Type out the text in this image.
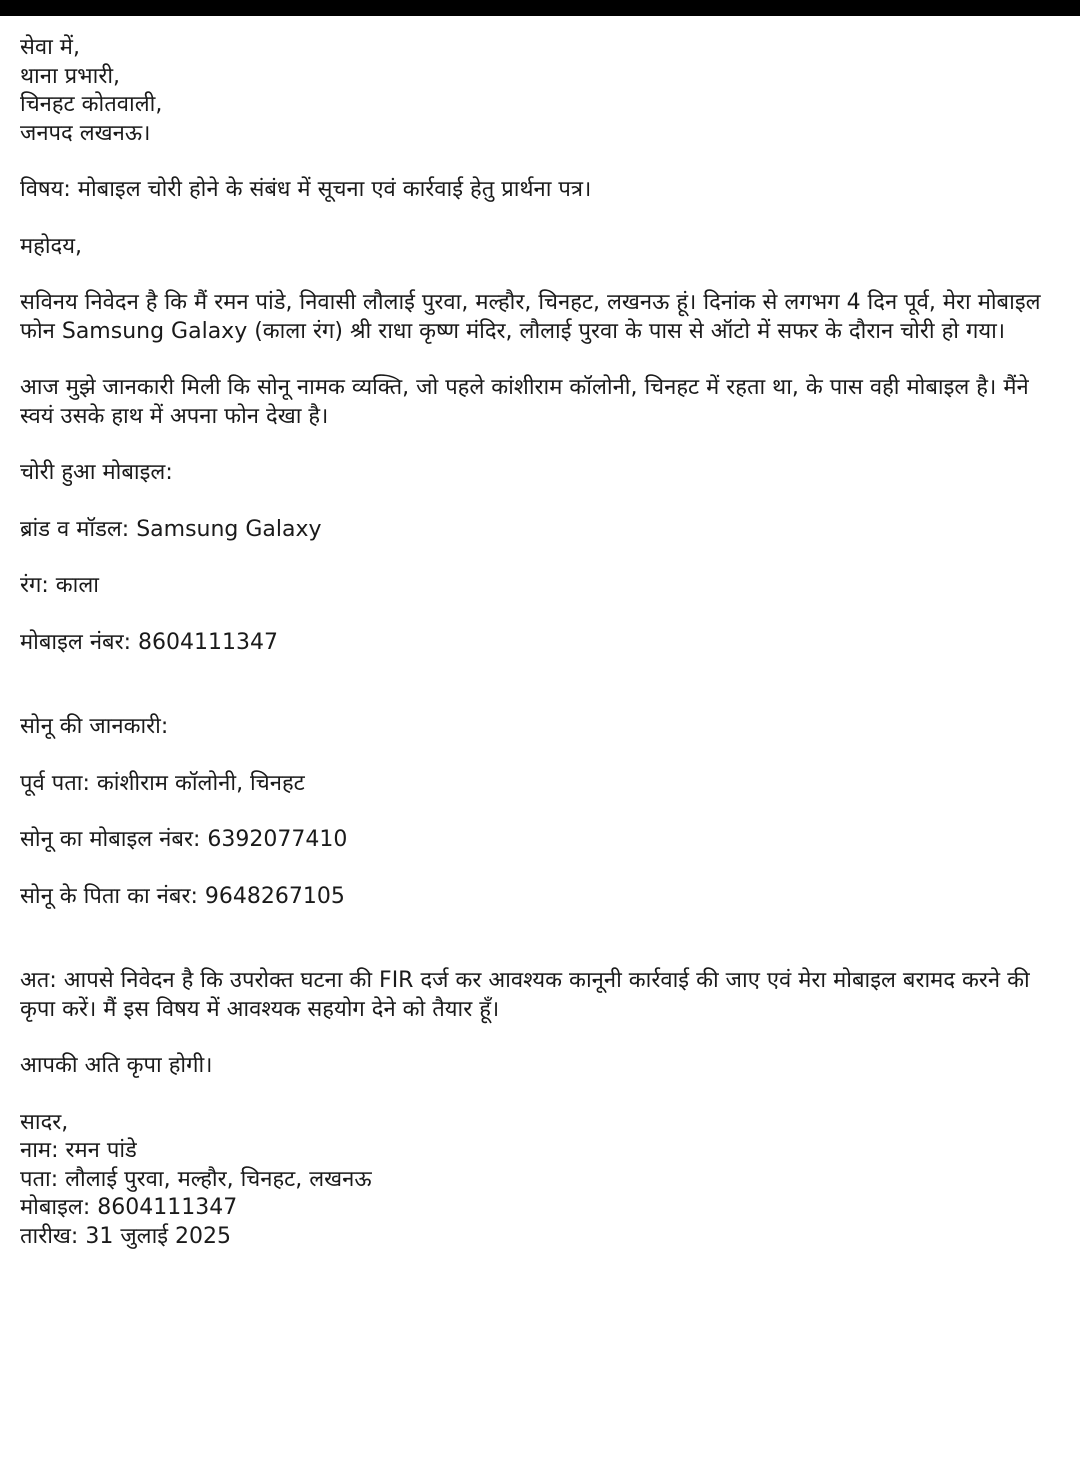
सेवा में,

थाना प्रभारी,

चिनहट कोतवाली,

जनपद लखनऊ।

विषय: मोबाइल चोरी होने के संबंध में सूचना एवं कार्रवाई हेतु प्रार्थना पत्र।

महोदय,

सविनय निवेदन है कि मैं रमन पांडे, निवासी लौलाई पुरवा, मल्हौर, चिनहट, लखनऊ हूं। दिनांक से लगभग 4 दिन पूर्व, मेरा मोबाइल फोन Samsung Galaxy (काला रंग) श्री राधा कृष्ण मंदिर, लौलाई पुरवा के पास से ऑटो में सफर के दौरान चोरी हो गया।

आज मुझे जानकारी मिली कि सोनू नामक व्यक्ति, जो पहले कांशीराम कॉलोनी, चिनहट में रहता था, के पास वही मोबाइल है। मैंने स्वयं उसके हाथ में अपना फोन देखा है।

चोरी हुआ मोबाइल:

ब्रांड व मॉडल: Samsung Galaxy

रंग: काला

मोबाइल नंबर: 8604111347

सोनू की जानकारी:

पूर्व पता: कांशीराम कॉलोनी, चिनहट

सोनू का मोबाइल नंबर: 6392077410

सोनू के पिता का नंबर: 9648267105

अत: आपसे निवेदन है कि उपरोक्त घटना की FIR दर्ज कर आवश्यक कानूनी कार्रवाई की जाए एवं मेरा मोबाइल बरामद करने की कृपा करें। मैं इस विषय में आवश्यक सहयोग देने को तैयार हूँ।

आपकी अति कृपा होगी।

सादर,

नाम: रमन पांडे

पता: लौलाई पुरवा, मल्हौर, चिनहट, लखनऊ

मोबाइल: 8604111347

तारीख: 31 जुलाई 2025
